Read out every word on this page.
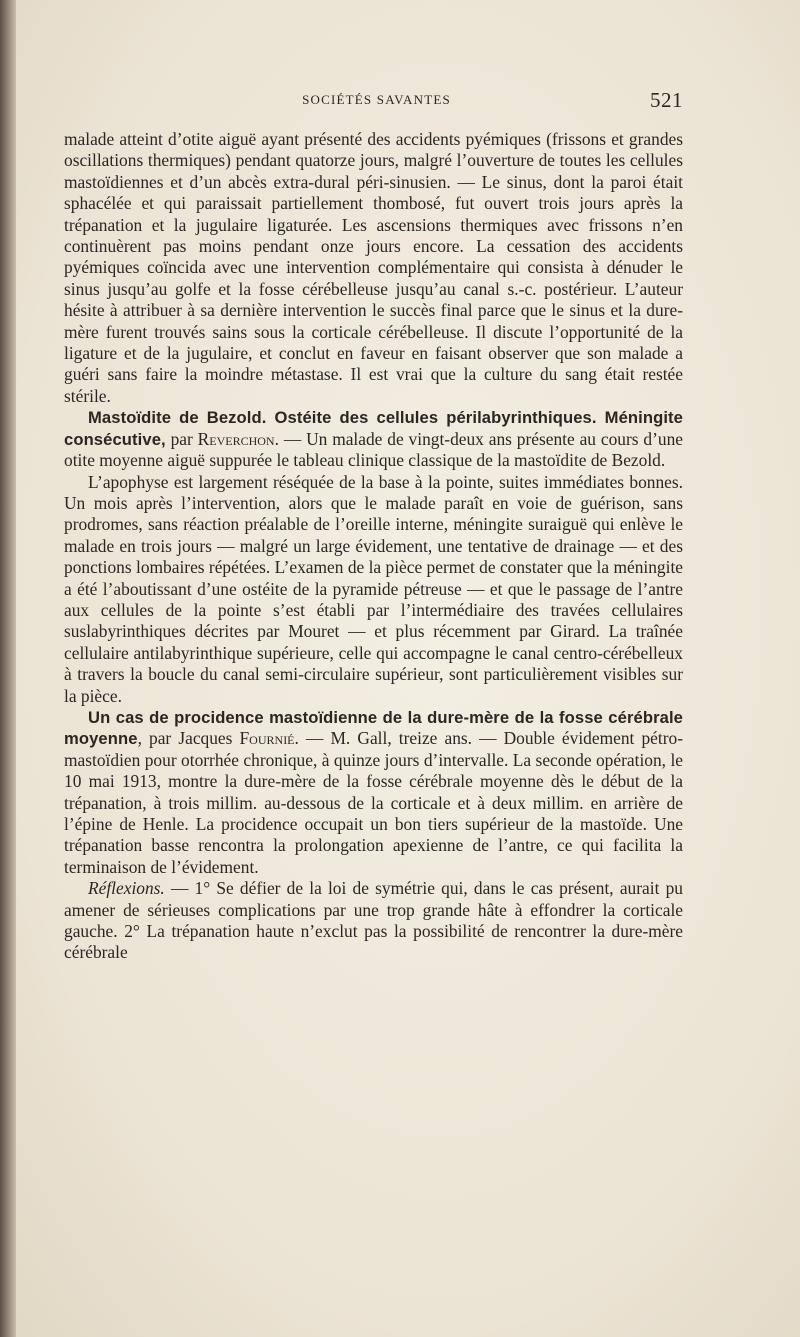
SOCIÉTÉS SAVANTES	521

malade atteint d’otite aiguë ayant présenté des accidents pyémiques (frissons et grandes oscillations thermiques) pendant quatorze jours, malgré l’ouverture de toutes les cellules mastoïdiennes et d’un abcès extra-dural péri-sinusien. — Le sinus, dont la paroi était sphacélée et qui paraissait partiellement thombosé, fut ouvert trois jours après la trépanation et la jugulaire ligaturée. Les ascensions thermiques avec frissons n’en continuèrent pas moins pendant onze jours encore. La cessation des accidents pyémiques coïncida avec une intervention complémentaire qui consista à dénuder le sinus jusqu’au golfe et la fosse cérébelleuse jusqu’au canal s.-c. postérieur. L’auteur hésite à attribuer à sa dernière intervention le succès final parce que le sinus et la dure-mère furent trouvés sains sous la corticale cérébelleuse. Il discute l’opportunité de la ligature et de la jugulaire, et conclut en faveur en faisant observer que son malade a guéri sans faire la moindre métastase. Il est vrai que la culture du sang était restée stérile.

Mastoïdite de Bezold. Ostéite des cellules périlabyrinthiques. Méningite consécutive, par Reverchon. — Un malade de vingt-deux ans présente au cours d’une otite moyenne aiguë suppurée le tableau clinique classique de la mastoïdite de Bezold.

L’apophyse est largement réséquée de la base à la pointe, suites immédiates bonnes. Un mois après l’intervention, alors que le malade paraît en voie de guérison, sans prodromes, sans réaction préalable de l’oreille interne, méningite suraiguë qui enlève le malade en trois jours — malgré un large évidement, une tentative de drainage — et des ponctions lombaires répétées. L’examen de la pièce permet de constater que la méningite a été l’aboutissant d’une ostéite de la pyramide pétreuse — et que le passage de l’antre aux cellules de la pointe s’est établi par l’intermédiaire des travées cellulaires suslabyrinthiques décrites par Mouret — et plus récemment par Girard. La traînée cellulaire antilabyrinthique supérieure, celle qui accompagne le canal centro-cérébelleux à travers la boucle du canal semi-circulaire supérieur, sont particulièrement visibles sur la pièce.

Un cas de procidence mastoïdienne de la dure-mère de la fosse cérébrale moyenne, par Jacques Fournié. — M. Gall, treize ans. — Double évidement pétro-mastoïdien pour otorrhée chronique, à quinze jours d’intervalle. La seconde opération, le 10 mai 1913, montre la dure-mère de la fosse cérébrale moyenne dès le début de la trépanation, à trois millim. au-dessous de la corticale et à deux millim. en arrière de l’épine de Henle. La procidence occupait un bon tiers supérieur de la mastoïde. Une trépanation basse rencontra la prolongation apexienne de l’antre, ce qui facilita la terminaison de l’évidement.

Réflexions. — 1° Se défier de la loi de symétrie qui, dans le cas présent, aurait pu amener de sérieuses complications par une trop grande hâte à effondrer la corticale gauche. 2° La trépanation haute n’exclut pas la possibilité de rencontrer la dure-mère cérébrale
